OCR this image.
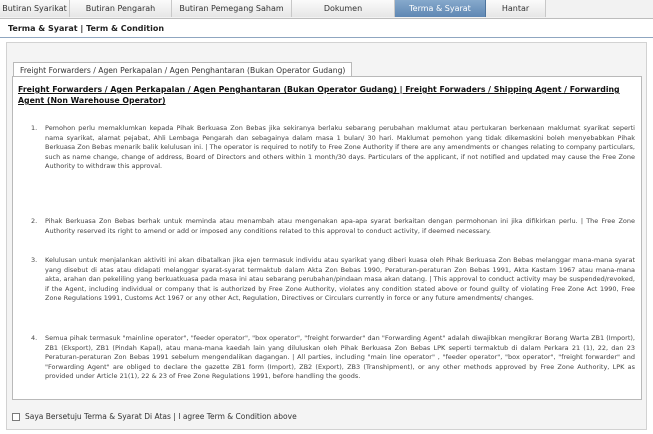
Butiran Syarikat	Butiran Pengarah	Butiran Pemegang Saham	Dokumen	Terma & Syarat	Hantar
Terma & Syarat | Term & Condition
Freight Forwarders / Agen Perkapalan / Agen Penghantaran (Bukan Operator Gudang)
Freight Forwarders / Agen Perkapalan / Agen Penghantaran (Bukan Operator Gudang) | Freight Forwaders / Shipping Agent / Forwarding Agent (Non Warehouse Operator)
1. Pemohon perlu memaklumkan kepada Pihak Berkuasa Zon Bebas jika sekiranya berlaku sebarang perubahan maklumat atau pertukaran berkenaan maklumat syarikat seperti nama syarikat, alamat pejabat, Ahli Lembaga Pengarah dan sebagainya dalam masa 1 bulan/ 30 hari. Maklumat pemohon yang tidak dikemaskini boleh menyebabkan Pihak Berkuasa Zon Bebas menarik balik kelulusan ini. | The operator is required to notify to Free Zone Authority if there are any amendments or changes relating to company particulars, such as name change, change of address, Board of Directors and others within 1 month/30 days. Particulars of the applicant, if not notified and updated may cause the Free Zone Authority to withdraw this approval.
2. Pihak Berkuasa Zon Bebas berhak untuk meminda atau menambah atau mengenakan apa-apa syarat berkaitan dengan permohonan ini jika difikirkan perlu. | The Free Zone Authority reserved its right to amend or add or imposed any conditions related to this approval to conduct activity, if deemed necessary.
3. Kelulusan untuk menjalankan aktiviti ini akan dibatalkan jika ejen termasuk individu atau syarikat yang diberi kuasa oleh Pihak Berkuasa Zon Bebas melanggar mana-mana syarat yang disebut di atas atau didapati melanggar syarat-syarat termaktub dalam Akta Zon Bebas 1990, Peraturan-peraturan Zon Bebas 1991, Akta Kastam 1967 atau mana-mana akta, arahan dan pekeliling yang berkuatkuasa pada masa ini atau sebarang perubahan/pindaan masa akan datang. | This approval to conduct activity may be suspended/revoked, if the Agent, including individual or company that is authorized by Free Zone Authority, violates any condition stated above or found guilty of violating Free Zone Act 1990, Free Zone Regulations 1991, Customs Act 1967 or any other Act, Regulation, Directives or Circulars currently in force or any future amendments/ changes.
4. Semua pihak termasuk "mainline operator", "feeder operator", "box operator", "freight forwarder" dan "Forwarding Agent" adalah diwajibkan mengikrar Borang Warta ZB1 (Import), ZB1 (Eksport), ZB1 (Pindah Kapal), atau mana-mana kaedah lain yang diluluskan oleh Pihak Berkuasa Zon Bebas LPK seperti termaktub di dalam Perkara 21 (1), 22, dan 23 Peraturan-peraturan Zon Bebas 1991 sebelum mengendalikan dagangan. | All parties, including "main line operator" , "feeder operator", "box operator", "freight forwarder" and "Forwarding Agent" are obliged to declare the gazette ZB1 form (Import), ZB2 (Export), ZB3 (Transhipment), or any other methods approved by Free Zone Authority, LPK as provided under Article 21(1), 22 & 23 of Free Zone Regulations 1991, before handling the goods.
Saya Bersetuju Terma & Syarat Di Atas | I agree Term & Condition above
